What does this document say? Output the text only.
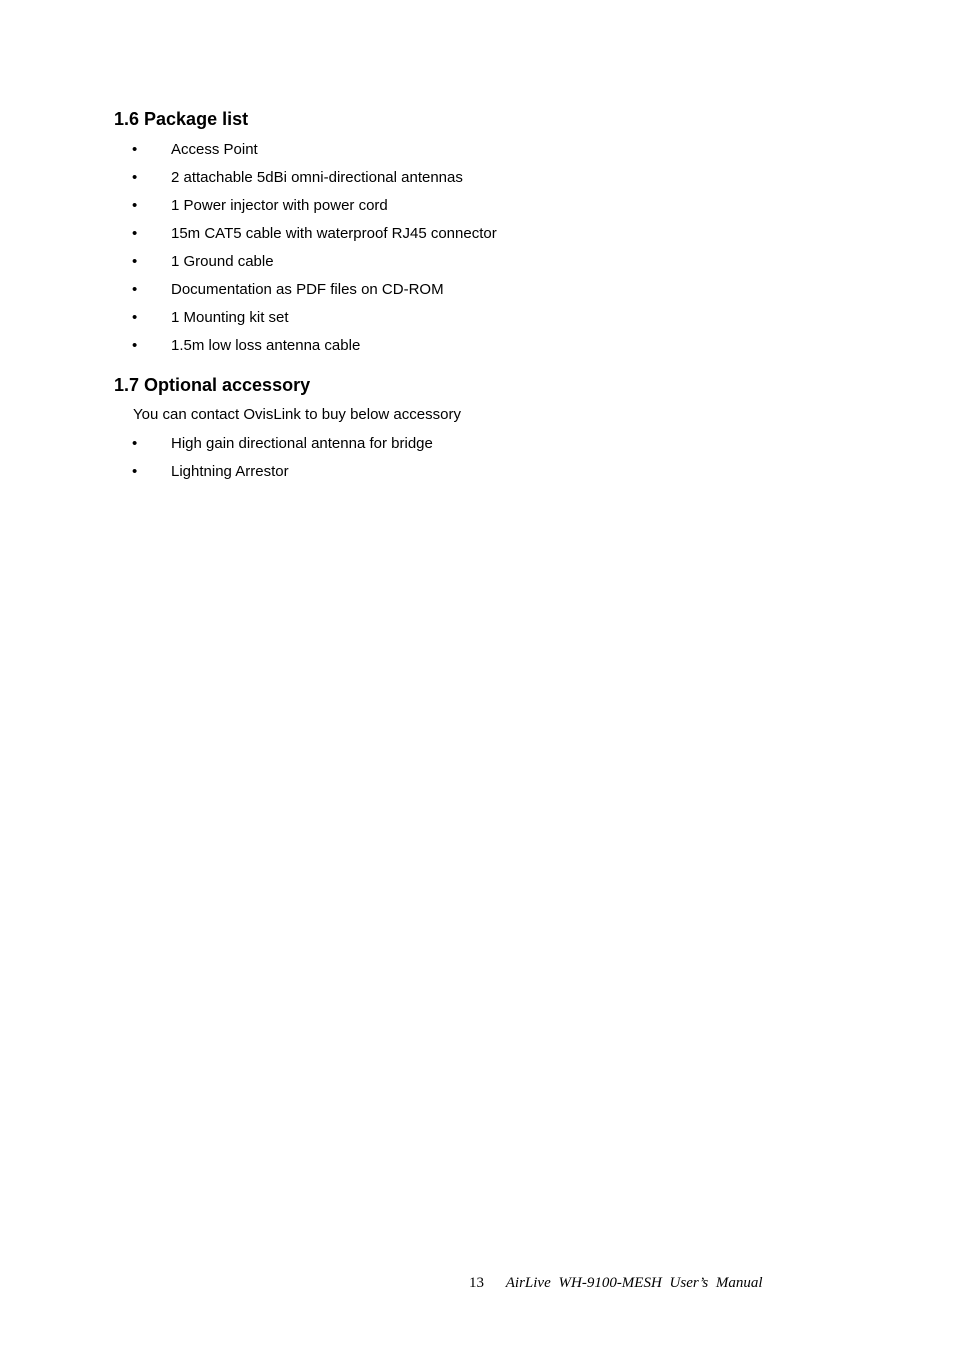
1.6 Package list
•	Access Point
•	2 attachable 5dBi omni-directional antennas
•	1 Power injector with power cord
•	15m CAT5 cable with waterproof RJ45 connector
•	1 Ground cable
•	Documentation as PDF files on CD-ROM
•	1 Mounting kit set
•	1.5m low loss antenna cable
1.7 Optional accessory

You can contact OvisLink to buy below accessory

•	High gain directional antenna for bridge
•	Lightning Arrestor
13 AirLive WH-9100-MESH User’s Manual
